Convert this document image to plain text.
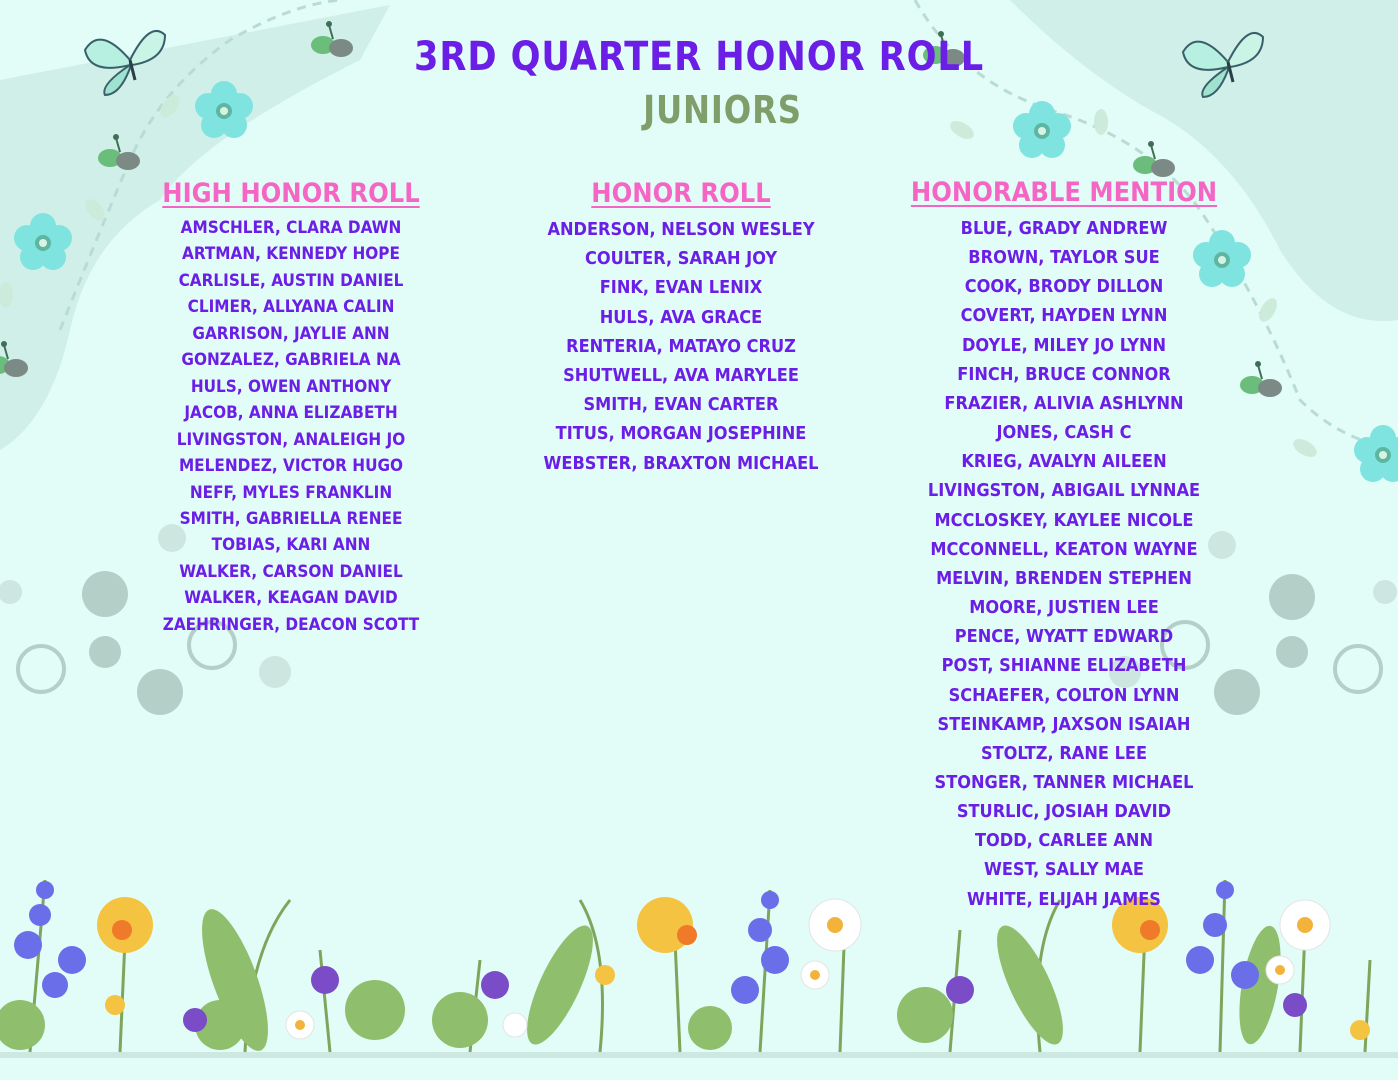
3RD QUARTER HONOR ROLL
JUNIORS
HIGH HONOR ROLL
AMSCHLER, CLARA DAWN
ARTMAN, KENNEDY HOPE
CARLISLE, AUSTIN DANIEL
CLIMER, ALLYANA CALIN
GARRISON, JAYLIE ANN
GONZALEZ, GABRIELA NA
HULS, OWEN ANTHONY
JACOB, ANNA ELIZABETH
LIVINGSTON, ANALEIGH JO
MELENDEZ, VICTOR HUGO
NEFF, MYLES FRANKLIN
SMITH, GABRIELLA RENEE
TOBIAS, KARI ANN
WALKER, CARSON DANIEL
WALKER, KEAGAN DAVID
ZAEHRINGER, DEACON SCOTT
HONOR ROLL
ANDERSON, NELSON WESLEY
COULTER, SARAH JOY
FINK, EVAN LENIX
HULS, AVA GRACE
RENTERIA, MATAYO CRUZ
SHUTWELL, AVA MARYLEE
SMITH, EVAN CARTER
TITUS, MORGAN JOSEPHINE
WEBSTER, BRAXTON MICHAEL
HONORABLE MENTION
BLUE, GRADY ANDREW
BROWN, TAYLOR SUE
COOK, BRODY DILLON
COVERT, HAYDEN LYNN
DOYLE, MILEY JO LYNN
FINCH, BRUCE CONNOR
FRAZIER, ALIVIA ASHLYNN
JONES, CASH C
KRIEG, AVALYN AILEEN
LIVINGSTON, ABIGAIL LYNNAE
MCCLOSKEY, KAYLEE NICOLE
MCCONNELL, KEATON WAYNE
MELVIN, BRENDEN STEPHEN
MOORE, JUSTIEN LEE
PENCE, WYATT EDWARD
POST, SHIANNE ELIZABETH
SCHAEFER, COLTON LYNN
STEINKAMP, JAXSON ISAIAH
STOLTZ, RANE LEE
STONGER, TANNER MICHAEL
STURLIC, JOSIAH DAVID
TODD, CARLEE ANN
WEST, SALLY MAE
WHITE, ELIJAH JAMES
